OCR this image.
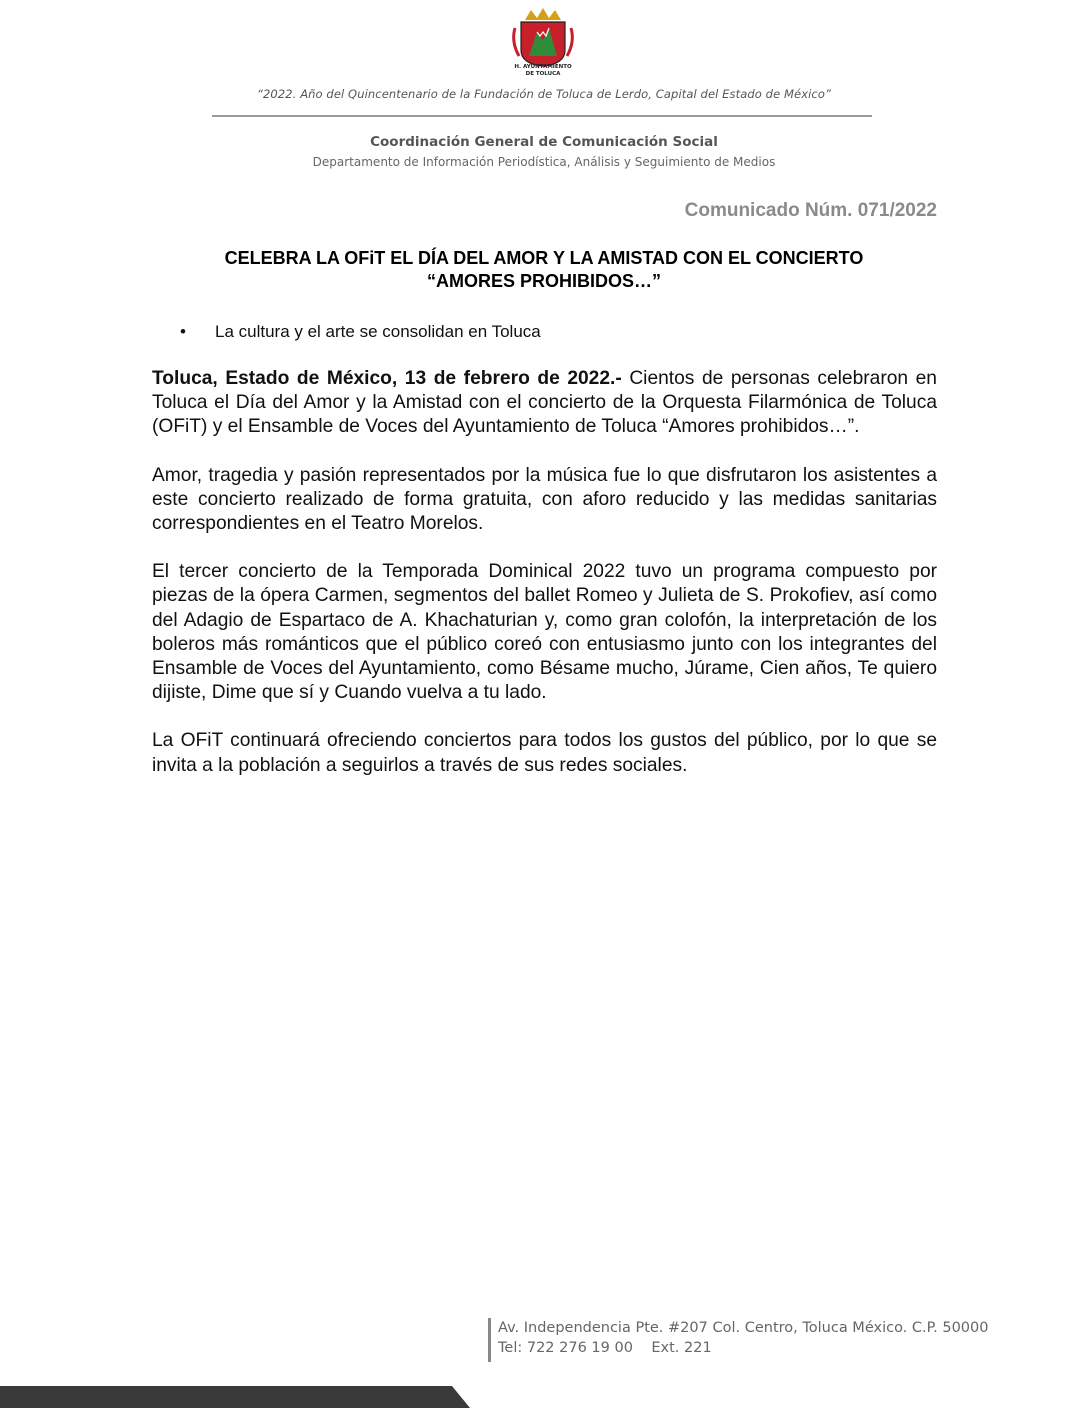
H. AYUNTAMIENTO
DE TOLUCA
“2022. Año del Quincentenario de la Fundación de Toluca de Lerdo, Capital del Estado de México”
Coordinación General de Comunicación Social
Departamento de Información Periodística, Análisis y Seguimiento de Medios
Comunicado Núm. 071/2022
CELEBRA LA OFiT EL DÍA DEL AMOR Y LA AMISTAD CON EL CONCIERTO
“AMORES PROHIBIDOS…”
• La cultura y el arte se consolidan en Toluca

Toluca, Estado de México, 13 de febrero de 2022.- Cientos de personas celebraron en Toluca el Día del Amor y la Amistad con el concierto de la Orquesta Filarmónica de Toluca (OFiT) y el Ensamble de Voces del Ayuntamiento de Toluca “Amores prohibidos…”.

Amor, tragedia y pasión representados por la música fue lo que disfrutaron los asistentes a este concierto realizado de forma gratuita, con aforo reducido y las medidas sanitarias correspondientes en el Teatro Morelos.

El tercer concierto de la Temporada Dominical 2022 tuvo un programa compuesto por piezas de la ópera Carmen, segmentos del ballet Romeo y Julieta de S. Prokofiev, así como del Adagio de Espartaco de A. Khachaturian y, como gran colofón, la interpretación de los boleros más románticos que el público coreó con entusiasmo junto con los integrantes del Ensamble de Voces del Ayuntamiento, como Bésame mucho, Júrame, Cien años, Te quiero dijiste, Dime que sí y Cuando vuelva a tu lado.

La OFiT continuará ofreciendo conciertos para todos los gustos del público, por lo que se invita a la población a seguirlos a través de sus redes sociales.

Av. Independencia Pte. #207 Col. Centro, Toluca México. C.P. 50000
Tel: 722 276 19 00    Ext. 221
